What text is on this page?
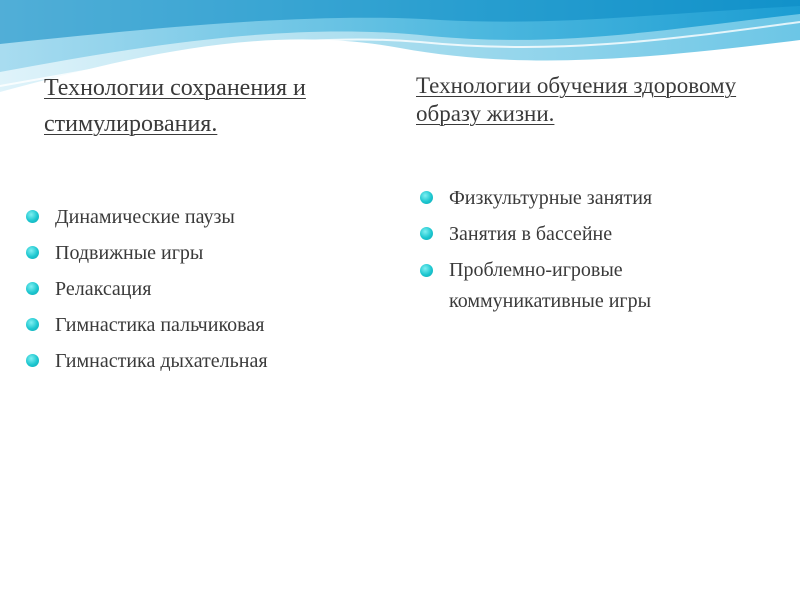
Технологии сохранения и стимулирования.
Динамические паузы
Подвижные игры
Релаксация
Гимнастика пальчиковая
Гимнастика дыхательная
Технологии обучения здоровому образу жизни.
Физкультурные занятия
Занятия в бассейне
Проблемно-игровые коммуникативные игры
